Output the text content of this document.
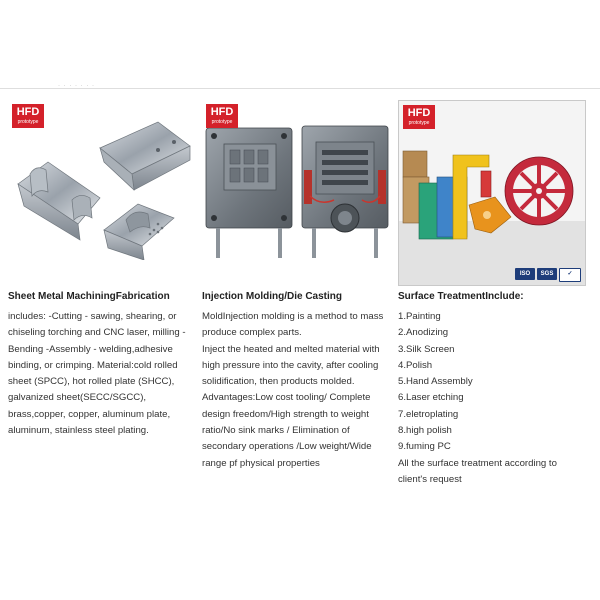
· · · · · · ·
HFD
prototype
Sheet Metal MachiningFabrication

includes: -Cutting - sawing, shearing, or chiseling torching and CNC laser, milling -Bending -Assembly - welding,adhesive binding, or crimping. Material:cold rolled sheet (SPCC), hot rolled plate (SHCC), galvanized sheet(SECC/SGCC), brass,copper, copper, aluminum plate, aluminum, stainless steel plating.

HFD
prototype
Injection Molding/Die Casting

MoldInjection molding is a method to mass produce complex parts.

Inject the heated and melted material with high pressure into the cavity, after cooling solidification, then products molded.

Advantages:Low cost tooling/ Complete design freedom/High strength to weight ratio/No sink marks / Elimination of secondary operations /Low weight/Wide range pf physical properties

HFD
prototype
ISO	SGS	✓
Surface TreatmentInclude:
1.Painting
2.Anodizing
3.Silk Screen
4.Polish
5.Hand Assembly
6.Laser etching
7.eletroplating
8.high polish
9.fuming PC
All the surface treatment according to client's request
